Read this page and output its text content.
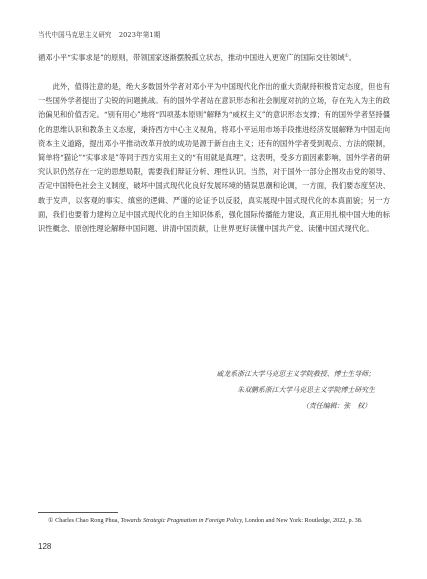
当代中国马克思主义研究 2023年第1期
循邓小平“实事求是”的原则，带领国家逐渐摆脱孤立状态，推动中国进入更宽广的国际交往领域①。
此外，值得注意的是，绝大多数国外学者对邓小平为中国现代化作出的重大贡献持积极肯定态度，但也有一些国外学者提出了尖锐的问题挑战。有的国外学者站在意识形态和社会制度对抗的立场，存在先入为主的政治偏见和价值否定。“别有用心”地将“四项基本原则”解释为“威权主义”的意识形态支撑；有的国外学者坚持僵化的思维认识和教条主义态度，秉持西方中心主义视角，将邓小平运用市场手段推进经济发展解释为中国走向资本主义道路，提出邓小平推动改革开放的成功是源于新自由主义；还有的国外学者受到观点、方法的限制，简单将“猫论”“实事求是”等同于西方实用主义的“有用就是真理”。这表明，受多方面因素影响，国外学者的研究认识仍然存在一定的思想局限，需要我们辩证分析、理性认识。当然，对于国外一部分企图攻击党的领导、否定中国特色社会主义制度，破坏中国式现代化良好发展环境的错误思潮和论调，一方面，我们要态度坚决、敢于发声，以客观的事实、缜密的逻辑、严谨的论证予以反驳，真实展现中国式现代化的本真面貌；另一方面，我们也要着力建构立足中国式现代化的自主知识体系，强化国际传播能力建设，真正用扎根中国大地的标识性概念、原创性理论解释中国问题、讲清中国贡献，让世界更好读懂中国共产党、读懂中国式现代化。
戚龙系浙江大学马克思主义学院教授、博士生导师；
朱双鹏系浙江大学马克思主义学院博士研究生
（责任编辑：张　权）
① Charles Chao Rong Phua, Towards Strategic Pragmatism in Foreign Policy, London and New York: Routledge, 2022, p. 38.
128
